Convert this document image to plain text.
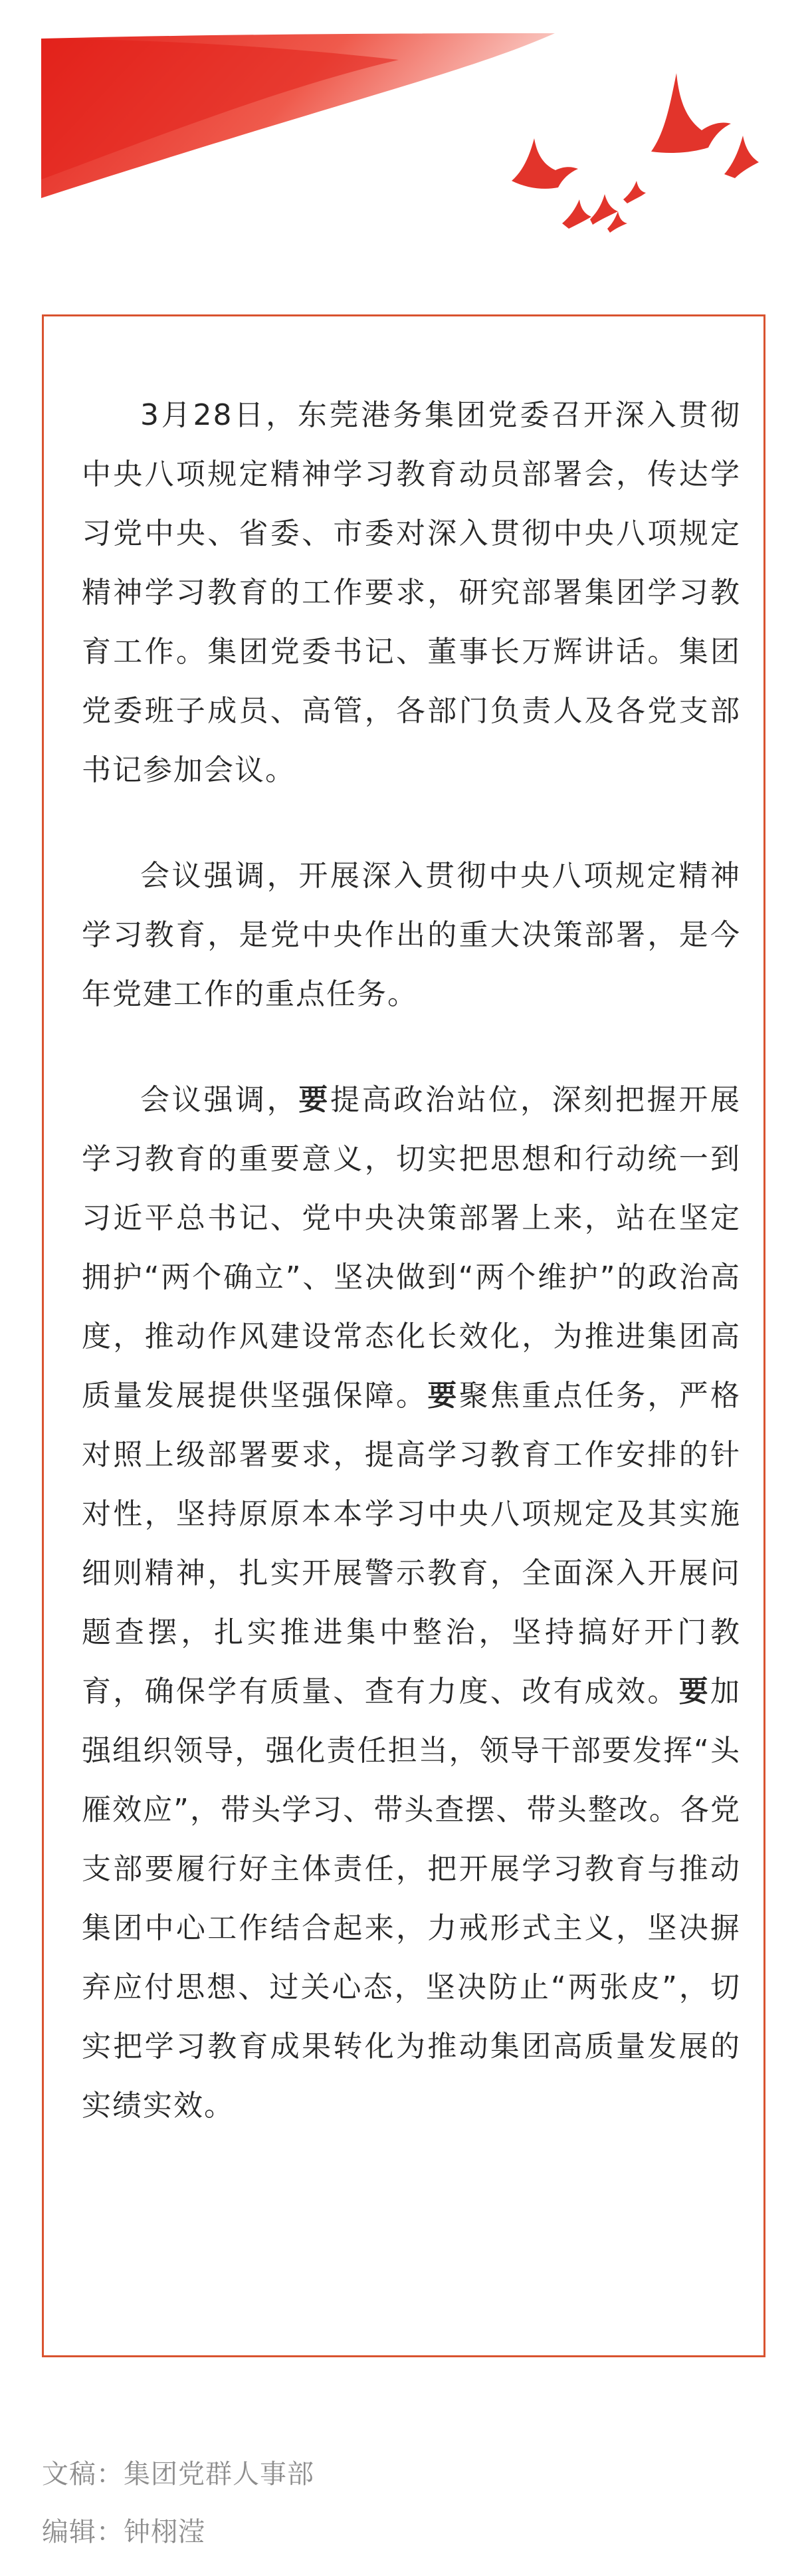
3月28日，东莞港务集团党委召开深入贯彻中央八项规定精神学习教育动员部署会，传达学习党中央、省委、市委对深入贯彻中央八项规定精神学习教育的工作要求，研究部署集团学习教育工作。集团党委书记、董事长万辉讲话。集团党委班子成员、高管，各部门负责人及各党支部书记参加会议。

会议强调，开展深入贯彻中央八项规定精神学习教育，是党中央作出的重大决策部署，是今年党建工作的重点任务。

会议强调，要提高政治站位，深刻把握开展学习教育的重要意义，切实把思想和行动统一到习近平总书记、党中央决策部署上来，站在坚定拥护“两个确立”、坚决做到“两个维护”的政治高度，推动作风建设常态化长效化，为推进集团高质量发展提供坚强保障。要聚焦重点任务，严格对照上级部署要求，提高学习教育工作安排的针对性，坚持原原本本学习中央八项规定及其实施细则精神，扎实开展警示教育，全面深入开展问题查摆，扎实推进集中整治，坚持搞好开门教育，确保学有质量、查有力度、改有成效。要加强组织领导，强化责任担当，领导干部要发挥“头雁效应”，带头学习、带头查摆、带头整改。各党支部要履行好主体责任，把开展学习教育与推动集团中心工作结合起来，力戒形式主义，坚决摒弃应付思想、过关心态，坚决防止“两张皮”，切实把学习教育成果转化为推动集团高质量发展的实绩实效。

文稿：集团党群人事部
编辑：钟栩滢
